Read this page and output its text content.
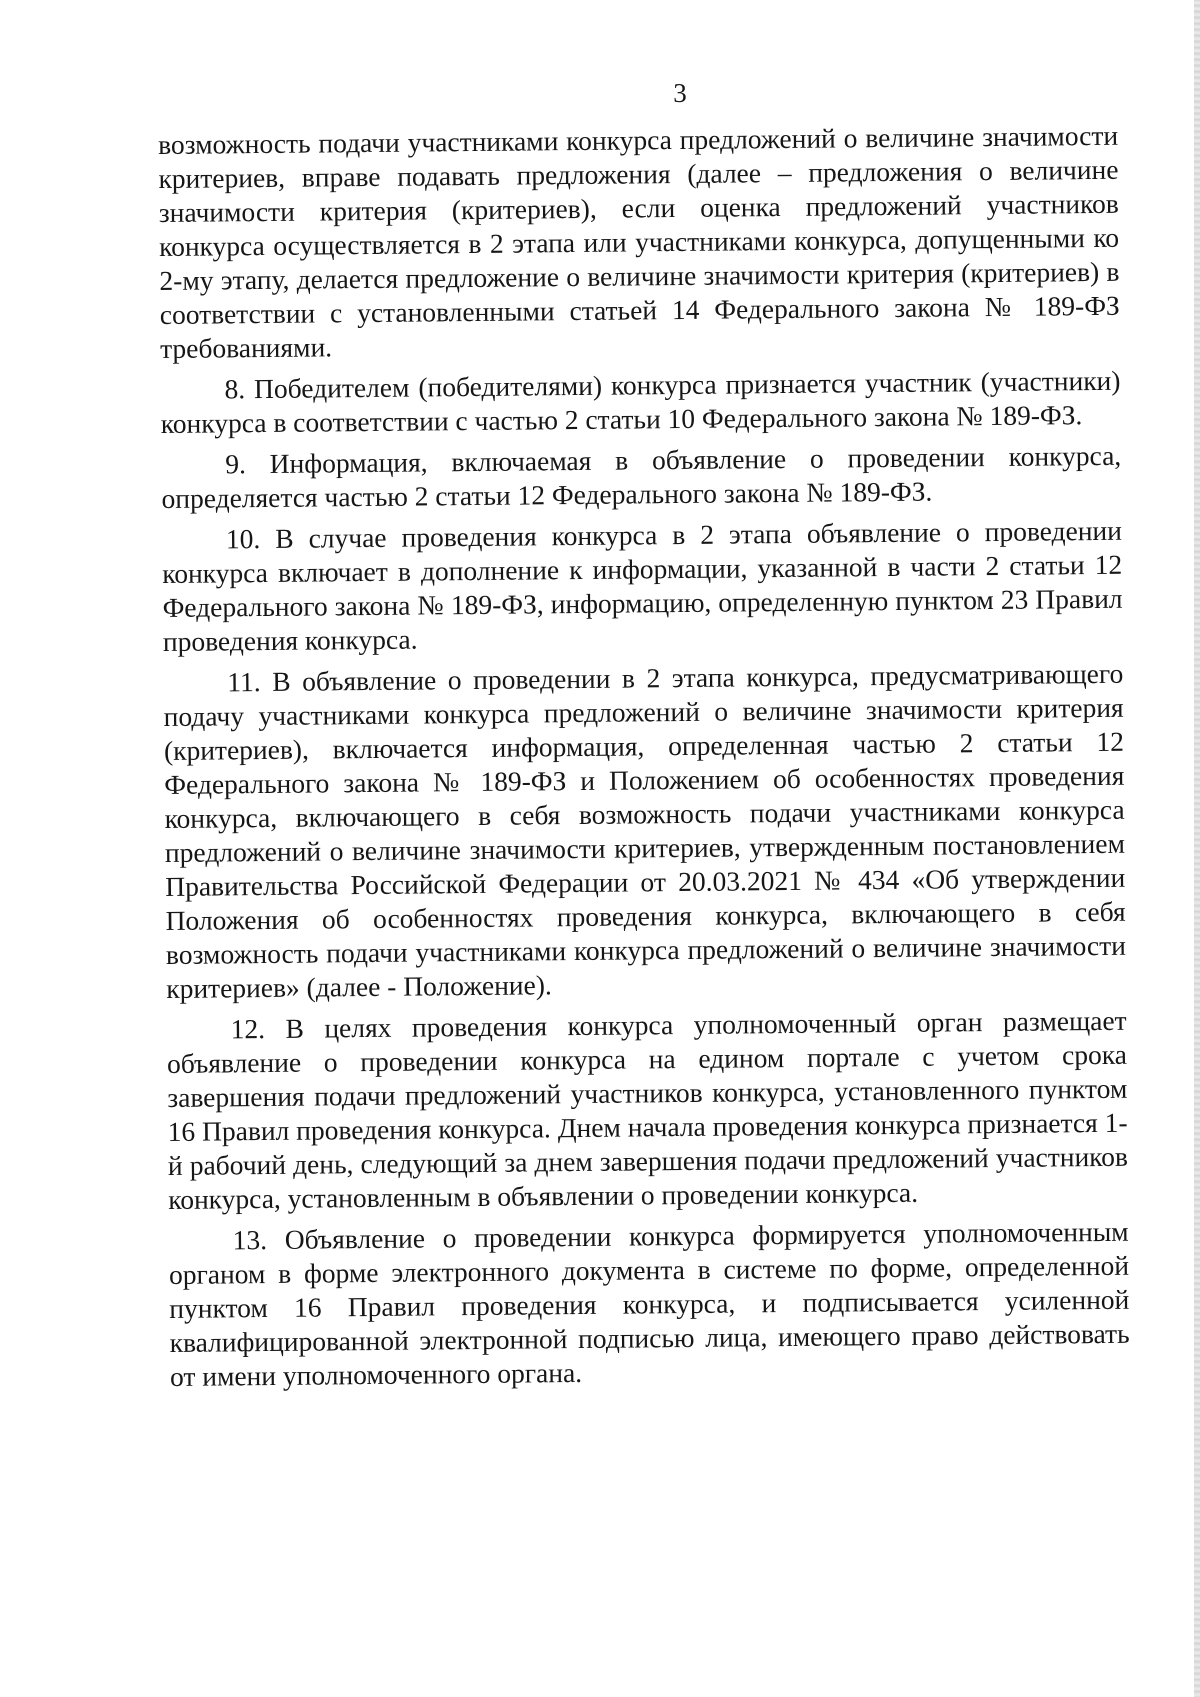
3

возможность подачи участниками конкурса предложений о величине значимости критериев, вправе подавать предложения (далее – предложения о величине значимости критерия (критериев), если оценка предложений участников конкурса осуществляется в 2 этапа или участниками конкурса, допущенными ко 2-му этапу, делается предложение о величине значимости критерия (критериев) в соответствии с установленными статьей 14 Федерального закона № 189-ФЗ требованиями.

8. Победителем (победителями) конкурса признается участник (участники) конкурса в соответствии с частью 2 статьи 10 Федерального закона № 189-ФЗ.

9. Информация, включаемая в объявление о проведении конкурса, определяется частью 2 статьи 12 Федерального закона № 189-ФЗ.

10. В случае проведения конкурса в 2 этапа объявление о проведении конкурса включает в дополнение к информации, указанной в части 2 статьи 12 Федерального закона № 189-ФЗ, информацию, определенную пунктом 23 Правил проведения конкурса.

11. В объявление о проведении в 2 этапа конкурса, предусматривающего подачу участниками конкурса предложений о величине значимости критерия (критериев), включается информация, определенная частью 2 статьи 12 Федерального закона № 189-ФЗ и Положением об особенностях проведения конкурса, включающего в себя возможность подачи участниками конкурса предложений о величине значимости критериев, утвержденным постановлением Правительства Российской Федерации от 20.03.2021 № 434 «Об утверждении Положения об особенностях проведения конкурса, включающего в себя возможность подачи участниками конкурса предложений о величине значимости критериев» (далее - Положение).

12. В целях проведения конкурса уполномоченный орган размещает объявление о проведении конкурса на едином портале с учетом срока завершения подачи предложений участников конкурса, установленного пунктом 16 Правил проведения конкурса. Днем начала проведения конкурса признается 1-й рабочий день, следующий за днем завершения подачи предложений участников конкурса, установленным в объявлении о проведении конкурса.

13. Объявление о проведении конкурса формируется уполномоченным органом в форме электронного документа в системе по форме, определенной пунктом 16 Правил проведения конкурса, и подписывается усиленной квалифицированной электронной подписью лица, имеющего право действовать от имени уполномоченного органа.
